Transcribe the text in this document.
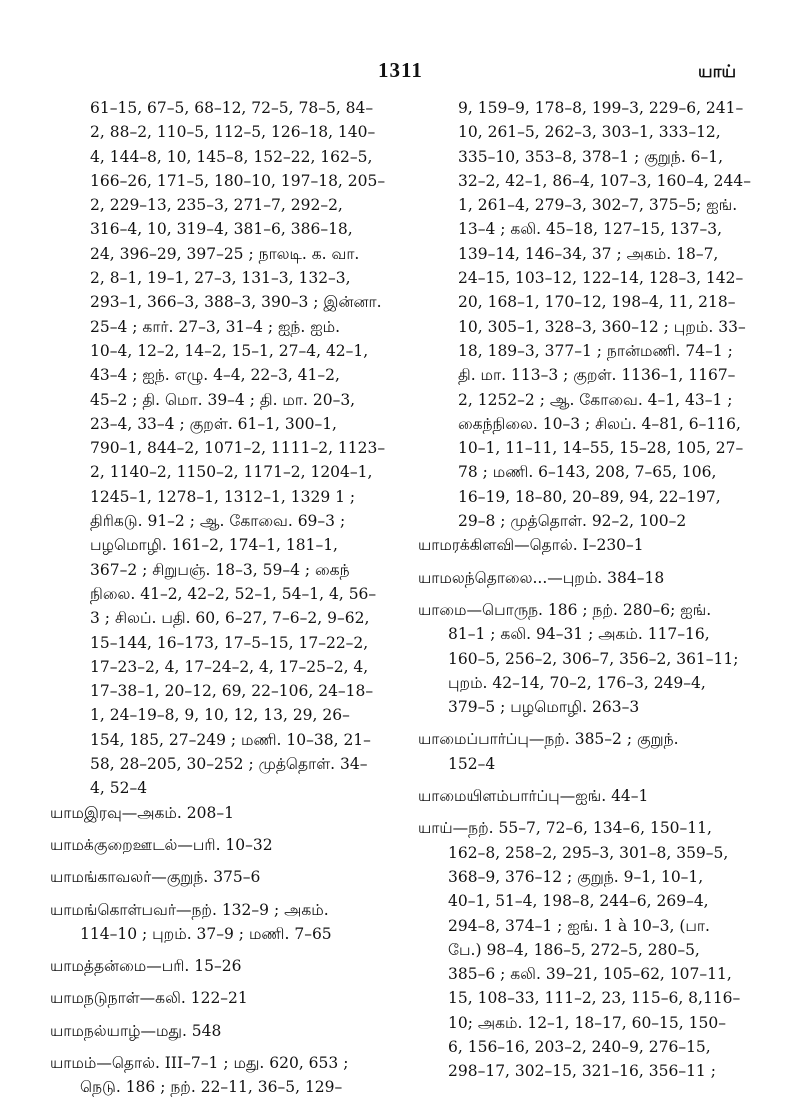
1311	யாய்
61–15, 67–5, 68–12, 72–5, 78–5, 84–
2, 88–2, 110–5, 112–5, 126–18, 140–
4, 144–8, 10, 145–8, 152–22, 162–5,
166–26, 171–5, 180–10, 197–18, 205–
2, 229–13, 235–3, 271–7, 292–2,
316–4, 10, 319–4, 381–6, 386–18,
24, 396–29, 397–25 ; நாலடி. க. வா.
2, 8–1, 19–1, 27–3, 131–3, 132–3,
293–1, 366–3, 388–3, 390–3 ; இன்னா.
25–4 ; கார். 27–3, 31–4 ; ஐந். ஐம்.
10–4, 12–2, 14–2, 15–1, 27–4, 42–1,
43–4 ; ஐந். எழு. 4–4, 22–3, 41–2,
45–2 ; தி. மொ. 39–4 ; தி. மா. 20–3,
23–4, 33–4 ; குறள். 61–1, 300–1,
790–1, 844–2, 1071–2, 1111–2, 1123–
2, 1140–2, 1150–2, 1171–2, 1204–1,
1245–1, 1278–1, 1312–1, 1329 1 ;
திரிகடு. 91–2 ; ஆ. கோவை. 69–3 ;
பழமொழி. 161–2, 174–1, 181–1,
367–2 ; சிறுபஞ். 18–3, 59–4 ; கைந்
நிலை. 41–2, 42–2, 52–1, 54–1, 4, 56–
3 ; சிலப். பதி. 60, 6–27, 7–6–2, 9–62,
15–144, 16–173, 17–5–15, 17–22–2,
17–23–2, 4, 17–24–2, 4, 17–25–2, 4,
17–38–1, 20–12, 69, 22–106, 24–18–
1, 24–19–8, 9, 10, 12, 13, 29, 26–
154, 185, 27–249 ; மணி. 10–38, 21–
58, 28–205, 30–252 ; முத்தொள். 34–
4, 52–4
யாமஇரவு—அகம். 208–1
யாமக்குறைஊடல்—பரி. 10–32
யாமங்காவலர்—குறுந். 375–6
யாமங்கொள்பவர்—நற். 132–9 ; அகம்.
114–10 ; புறம். 37–9 ; மணி. 7–65
யாமத்தன்மை—பரி. 15–26
யாமநடுநாள்—கலி. 122–21
யாமநல்யாழ்—மது. 548
யாமம்—தொல். III–7–1 ; மது. 620, 653 ;
நெடு. 186 ; நற். 22–11, 36–5, 129–
9, 159–9, 178–8, 199–3, 229–6, 241–
10, 261–5, 262–3, 303–1, 333–12,
335–10, 353–8, 378–1 ; குறுந். 6–1,
32–2, 42–1, 86–4, 107–3, 160–4, 244–
1, 261–4, 279–3, 302–7, 375–5; ஐங்.
13–4 ; கலி. 45–18, 127–15, 137–3,
139–14, 146–34, 37 ; அகம். 18–7,
24–15, 103–12, 122–14, 128–3, 142–
20, 168–1, 170–12, 198–4, 11, 218–
10, 305–1, 328–3, 360–12 ; புறம். 33–
18, 189–3, 377–1 ; நான்மணி. 74–1 ;
தி. மா. 113–3 ; குறள். 1136–1, 1167–
2, 1252–2 ; ஆ. கோவை. 4–1, 43–1 ;
கைந்நிலை. 10–3 ; சிலப். 4–81, 6–116,
10–1, 11–11, 14–55, 15–28, 105, 27–
78 ; மணி. 6–143, 208, 7–65, 106,
16–19, 18–80, 20–89, 94, 22–197,
29–8 ; முத்தொள். 92–2, 100–2
யாமரக்கிளவி—தொல். I–230–1
யாமலந்தொலை...—புறம். 384–18
யாமை—பொருந. 186 ; நற். 280–6; ஐங்.
81–1 ; கலி. 94–31 ; அகம். 117–16,
160–5, 256–2, 306–7, 356–2, 361–11;
புறம். 42–14, 70–2, 176–3, 249–4,
379–5 ; பழமொழி. 263–3
யாமைப்பார்ப்பு—நற். 385–2 ; குறுந்.
152–4
யாமையிளம்பார்ப்பு—ஐங். 44–1
யாய்—நற். 55–7, 72–6, 134–6, 150–11,
162–8, 258–2, 295–3, 301–8, 359–5,
368–9, 376–12 ; குறுந். 9–1, 10–1,
40–1, 51–4, 198–8, 244–6, 269–4,
294–8, 374–1 ; ஐங். 1 à 10–3, (பா.
பே.) 98–4, 186–5, 272–5, 280–5,
385–6 ; கலி. 39–21, 105–62, 107–11,
15, 108–33, 111–2, 23, 115–6, 8,116–
10; அகம். 12–1, 18–17, 60–15, 150–
6, 156–16, 203–2, 240–9, 276–15,
298–17, 302–15, 321–16, 356–11 ;
